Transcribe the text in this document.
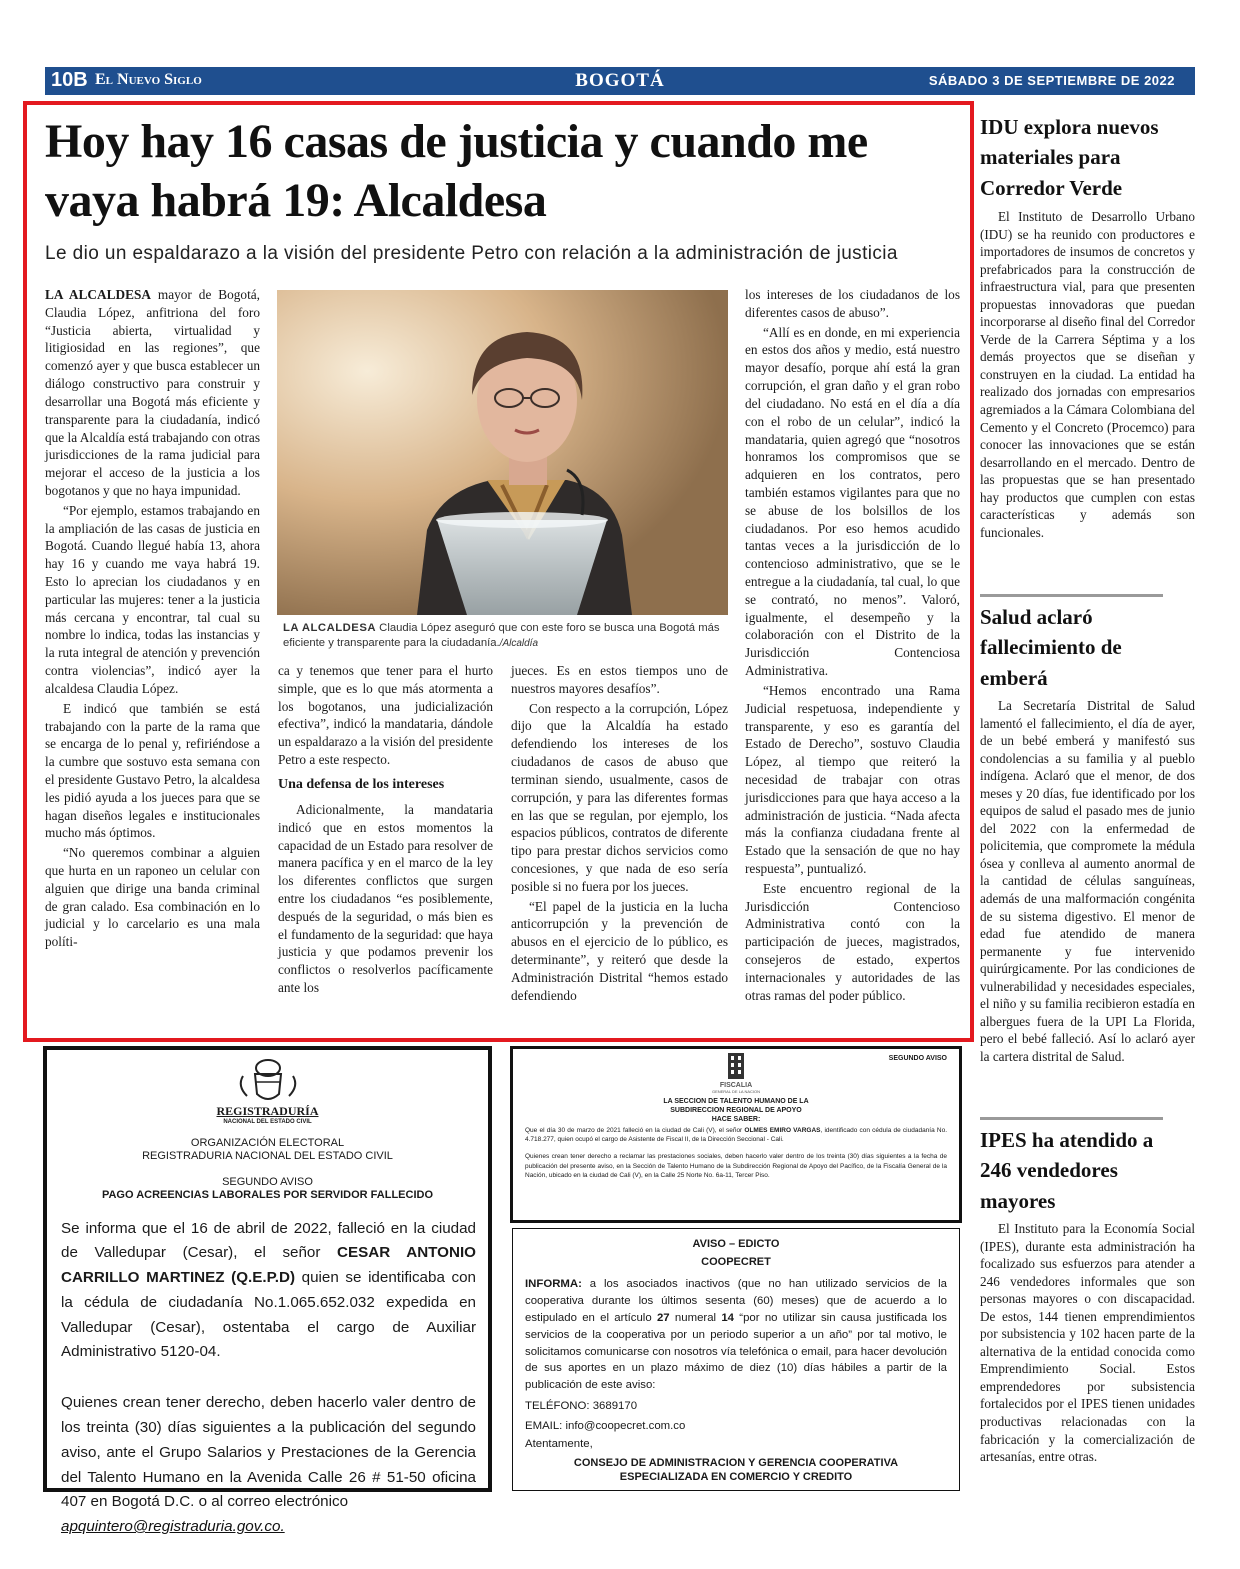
10B El Nuevo Siglo	BOGOTÁ	SÁBADO 3 DE SEPTIEMBRE DE 2022
Hoy hay 16 casas de justicia y cuando me vaya habrá 19: Alcaldesa
Le dio un espaldarazo a la visión del presidente Petro con relación a la administración de justicia

LA ALCALDESA mayor de Bogotá, Claudia López, anfitriona del foro “Justicia abierta, virtualidad y litigiosidad en las regiones”, que comenzó ayer y que busca establecer un diálogo constructivo para construir y desarrollar una Bogotá más eficiente y transparente para la ciudadanía, indicó que la Alcaldía está trabajando con otras jurisdicciones de la rama judicial para mejorar el acceso de la justicia a los bogotanos y que no haya impunidad.

“Por ejemplo, estamos trabajando en la ampliación de las casas de justicia en Bogotá. Cuando llegué había 13, ahora hay 16 y cuando me vaya habrá 19. Esto lo aprecian los ciudadanos y en particular las mujeres: tener a la justicia más cercana y encontrar, tal cual su nombre lo indica, todas las instancias y la ruta integral de atención y prevención contra violencias”, indicó ayer la alcaldesa Claudia López.

E indicó que también se está trabajando con la parte de la rama que se encarga de lo penal y, refiriéndose a la cumbre que sostuvo esta semana con el presidente Gustavo Petro, la alcaldesa les pidió ayuda a los jueces para que se hagan diseños legales e institucionales mucho más óptimos.

“No queremos combinar a alguien que hurta en un raponeo un celular con alguien que dirige una banda criminal de gran calado. Esa combinación en lo judicial y lo carcelario es una mala políti-

LA ALCALDESA Claudia López aseguró que con este foro se busca una Bogotá más eficiente y transparente para la ciudadanía./Alcaldía

ca y tenemos que tener para el hurto simple, que es lo que más atormenta a los bogotanos, una judicialización efectiva”, indicó la mandataria, dándole un espaldarazo a la visión del presidente Petro a este respecto.

Una defensa de los intereses

Adicionalmente, la mandataria indicó que en estos momentos la capacidad de un Estado para resolver de manera pacífica y en el marco de la ley los diferentes conflictos que surgen entre los ciudadanos “es posiblemente, después de la seguridad, o más bien es el fundamento de la seguridad: que haya justicia y que podamos prevenir los conflictos o resolverlos pacíficamente ante los

jueces. Es en estos tiempos uno de nuestros mayores desafíos”.

Con respecto a la corrupción, López dijo que la Alcaldía ha estado defendiendo los intereses de los ciudadanos de casos de abuso que terminan siendo, usualmente, casos de corrupción, y para las diferentes formas en las que se regulan, por ejemplo, los espacios públicos, contratos de diferente tipo para prestar dichos servicios como concesiones, y que nada de eso sería posible si no fuera por los jueces.

“El papel de la justicia en la lucha anticorrupción y la prevención de abusos en el ejercicio de lo público, es determinante”, y reiteró que desde la Administración Distrital “hemos estado defendiendo

los intereses de los ciudadanos de los diferentes casos de abuso”.

“Allí es en donde, en mi experiencia en estos dos años y medio, está nuestro mayor desafío, porque ahí está la gran corrupción, el gran daño y el gran robo del ciudadano. No está en el día a día con el robo de un celular”, indicó la mandataria, quien agregó que “nosotros honramos los compromisos que se adquieren en los contratos, pero también estamos vigilantes para que no se abuse de los bolsillos de los ciudadanos. Por eso hemos acudido tantas veces a la jurisdicción de lo contencioso administrativo, que se le entregue a la ciudadanía, tal cual, lo que se contrató, no menos”. Valoró, igualmente, el desempeño y la colaboración con el Distrito de la Jurisdicción Contenciosa Administrativa.

“Hemos encontrado una Rama Judicial respetuosa, independiente y transparente, y eso es garantía del Estado de Derecho”, sostuvo Claudia López, al tiempo que reiteró la necesidad de trabajar con otras jurisdicciones para que haya acceso a la administración de justicia. “Nada afecta más la confianza ciudadana frente al Estado que la sensación de que no hay respuesta”, puntualizó.

Este encuentro regional de la Jurisdicción Contencioso Administrativa contó con la participación de jueces, magistrados, consejeros de estado, expertos internacionales y autoridades de las otras ramas del poder público.

IDU explora nuevos materiales para Corredor Verde

El Instituto de Desarrollo Urbano (IDU) se ha reunido con productores e importadores de insumos de concretos y prefabricados para la construcción de infraestructura vial, para que presenten propuestas innovadoras que puedan incorporarse al diseño final del Corredor Verde de la Carrera Séptima y a los demás proyectos que se diseñan y construyen en la ciudad. La entidad ha realizado dos jornadas con empresarios agremiados a la Cámara Colombiana del Cemento y el Concreto (Procemco) para conocer las innovaciones que se están desarrollando en el mercado. Dentro de las propuestas que se han presentado hay productos que cumplen con estas características y además son funcionales.

Salud aclaró fallecimiento de emberá

La Secretaría Distrital de Salud lamentó el fallecimiento, el día de ayer, de un bebé emberá y manifestó sus condolencias a su familia y al pueblo indígena. Aclaró que el menor, de dos meses y 20 días, fue identificado por los equipos de salud el pasado mes de junio del 2022 con la enfermedad de policitemia, que compromete la médula ósea y conlleva al aumento anormal de la cantidad de células sanguíneas, además de una malformación congénita de su sistema digestivo. El menor de edad fue atendido de manera permanente y fue intervenido quirúrgicamente. Por las condiciones de vulnerabilidad y necesidades especiales, el niño y su familia recibieron estadía en albergues fuera de la UPI La Florida, pero el bebé falleció. Así lo aclaró ayer la cartera distrital de Salud.

IPES ha atendido a 246 vendedores mayores

El Instituto para la Economía Social (IPES), durante esta administración ha focalizado sus esfuerzos para atender a 246 vendedores informales que son personas mayores o con discapacidad. De estos, 144 tienen emprendimientos por subsistencia y 102 hacen parte de la alternativa de la entidad conocida como Emprendimiento Social. Estos emprendedores por subsistencia fortalecidos por el IPES tienen unidades productivas relacionadas con la fabricación y la comercialización de artesanías, entre otras.

REGISTRADURÍA
NACIONAL DEL ESTADO CIVIL
ORGANIZACIÓN ELECTORAL
REGISTRADURIA NACIONAL DEL ESTADO CIVIL
SEGUNDO AVISO
PAGO ACREENCIAS LABORALES POR SERVIDOR FALLECIDO
Se informa que el 16 de abril de 2022, falleció en la ciudad de Valledupar (Cesar), el señor CESAR ANTONIO CARRILLO MARTINEZ (Q.E.P.D) quien se identificaba con la cédula de ciudadanía No.1.065.652.032 expedida en Valledupar (Cesar), ostentaba el cargo de Auxiliar Administrativo 5120-04.
Quienes crean tener derecho, deben hacerlo valer dentro de los treinta (30) días siguientes a la publicación del segundo aviso, ante el Grupo Salarios y Prestaciones de la Gerencia del Talento Humano en la Avenida Calle 26 # 51-50 oficina 407 en Bogotá D.C. o al correo electrónico
apquintero@registraduria.gov.co.
SEGUNDO AVISO
FISCALIA
GENERAL DE LA NACION
LA SECCION DE TALENTO HUMANO DE LA
SUBDIRECCION REGIONAL DE APOYO
HACE SABER:
Que el día 30 de marzo de 2021 falleció en la ciudad de Cali (V), el señor OLMES EMIRO VARGAS, identificado con cédula de ciudadanía No. 4.718.277, quien ocupó el cargo de Asistente de Fiscal II, de la Dirección Seccional - Cali.
Quienes crean tener derecho a reclamar las prestaciones sociales, deben hacerlo valer dentro de los treinta (30) días siguientes a la fecha de publicación del presente aviso, en la Sección de Talento Humano de la Subdirección Regional de Apoyo del Pacífico, de la Fiscalía General de la Nación, ubicado en la ciudad de Cali (V), en la Calle 25 Norte No. 6a-11, Tercer Piso.
AVISO – EDICTO
COOPECRET
INFORMA: a los asociados inactivos (que no han utilizado servicios de la cooperativa durante los últimos sesenta (60) meses) que de acuerdo a lo estipulado en el artículo 27 numeral 14 “por no utilizar sin causa justificada los servicios de la cooperativa por un periodo superior a un año” por tal motivo, le solicitamos comunicarse con nosotros vía telefónica o email, para hacer devolución de sus aportes en un plazo máximo de diez (10) días hábiles a partir de la publicación de este aviso:
TELÉFONO: 3689170
EMAIL: info@coopecret.com.co
Atentamente,
CONSEJO DE ADMINISTRACION Y GERENCIA COOPERATIVA
ESPECIALIZADA EN COMERCIO Y CREDITO
